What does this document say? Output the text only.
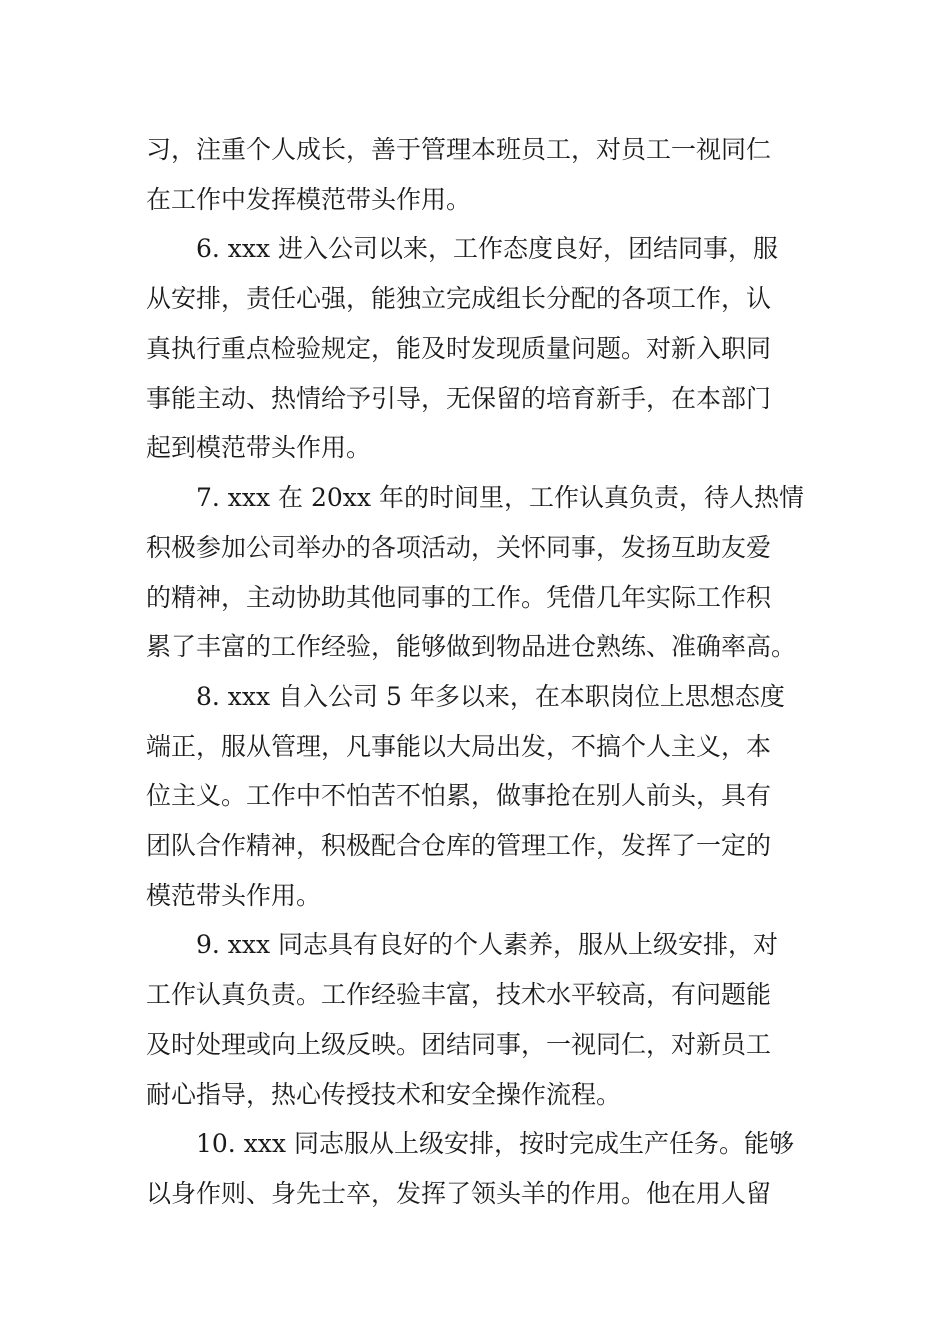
习，注重个人成长，善于管理本班员工，对员工一视同仁
在工作中发挥模范带头作用。
6. xxx 进入公司以来，工作态度良好，团结同事，服
从安排，责任心强，能独立完成组长分配的各项工作，认
真执行重点检验规定，能及时发现质量问题。对新入职同
事能主动、热情给予引导，无保留的培育新手，在本部门
起到模范带头作用。
7. xxx 在 20xx 年的时间里，工作认真负责，待人热情
积极参加公司举办的各项活动，关怀同事，发扬互助友爱
的精神，主动协助其他同事的工作。凭借几年实际工作积
累了丰富的工作经验，能够做到物品进仓熟练、准确率高。
8. xxx 自入公司 5 年多以来，在本职岗位上思想态度
端正，服从管理，凡事能以大局出发，不搞个人主义，本
位主义。工作中不怕苦不怕累，做事抢在别人前头，具有
团队合作精神，积极配合仓库的管理工作，发挥了一定的
模范带头作用。
9. xxx 同志具有良好的个人素养，服从上级安排，对
工作认真负责。工作经验丰富，技术水平较高，有问题能
及时处理或向上级反映。团结同事，一视同仁，对新员工
耐心指导，热心传授技术和安全操作流程。
10. xxx 同志服从上级安排，按时完成生产任务。能够
以身作则、身先士卒，发挥了领头羊的作用。他在用人留
